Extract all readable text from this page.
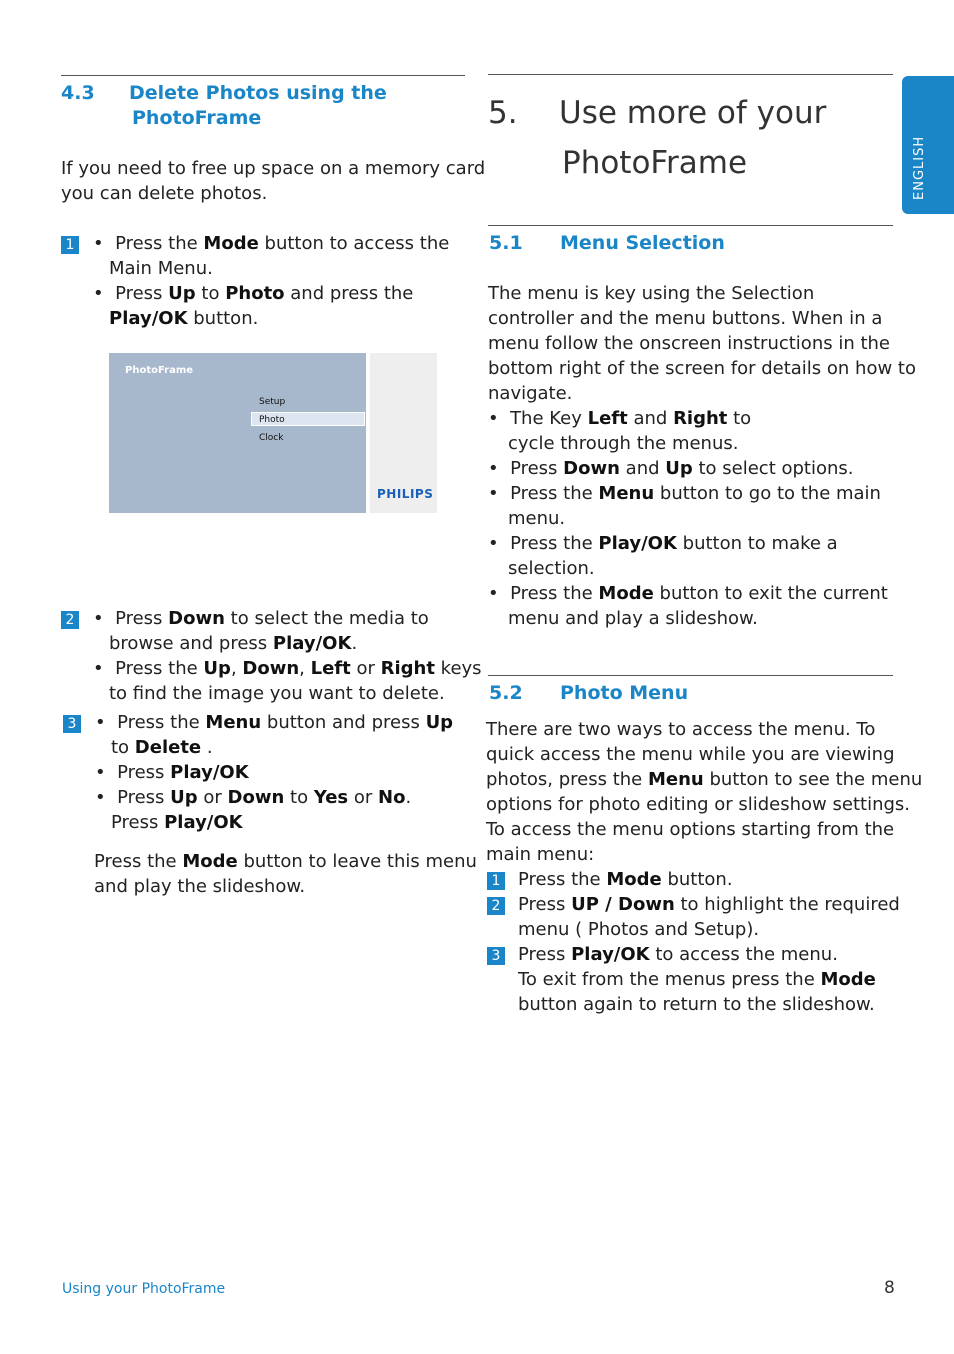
ENGLISH
4.3 Delete Photos using the
PhotoFrame
If you need to free up space on a memory card
you can delete photos.
1 •  Press the Mode button to access the
Main Menu.
•  Press Up to Photo and press the
Play/OK button.
PhotoFrame
Setup
Photo
Clock
PHILIPS
2 •  Press Down to select the media to
browse and press Play/OK.
•  Press the Up, Down, Left or Right keys
to find the image you want to delete.
3 •  Press the Menu button and press Up
to Delete .
•  Press Play/OK
•  Press Up or Down to Yes or No.
Press Play/OK
Press the Mode button to leave this menu
and play the slideshow.
5. Use more of your
PhotoFrame
5.1 Menu Selection
The menu is key using the Selection
controller and the menu buttons. When in a
menu follow the onscreen instructions in the
bottom right of the screen for details on how to
navigate.
•  The Key Left and Right to
cycle through the menus.
•  Press Down and Up to select options.
•  Press the Menu button to go to the main
menu.
•  Press the Play/OK button to make a
selection.
•  Press the Mode button to exit the current
menu and play a slideshow.
5.2 Photo Menu
There are two ways to access the menu. To
quick access the menu while you are viewing
photos, press the Menu button to see the menu
options for photo editing or slideshow settings.
To access the menu options starting from the
main menu:
1 Press the Mode button.
2 Press UP / Down to highlight the required
menu ( Photos and Setup).
3 Press Play/OK to access the menu.
To exit from the menus press the Mode
button again to return to the slideshow.
Using your PhotoFrame	8
